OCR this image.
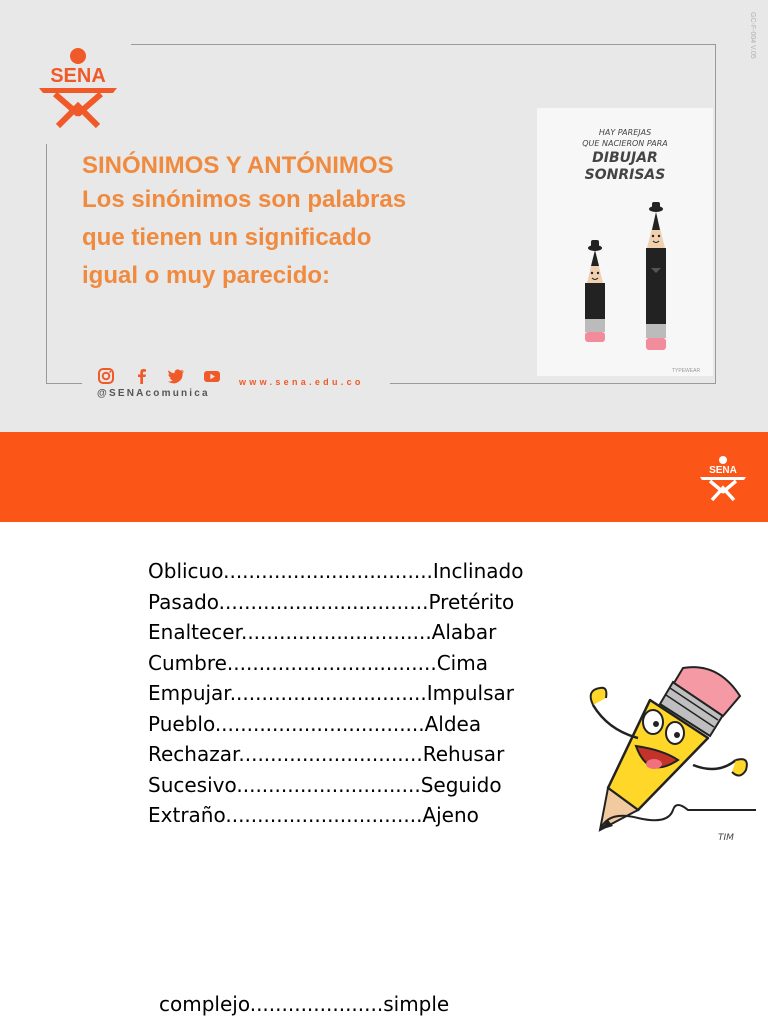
GC-F-004 V.05
SENA
SINÓNIMOS Y ANTÓNIMOS
Los sinónimos son palabras
que tienen un significado
igual o muy parecido:
HAY PAREJAS
QUE NACIERON PARA
DIBUJAR
SONRISAS
TYPEWEAR
@SENAcomunica
www.sena.edu.co
SENA
Oblicuo.................................Inclinado
Pasado.................................Pretérito
Enaltecer..............................Alabar
Cumbre.................................Cima
Empujar...............................Impulsar
Pueblo.................................Aldea
Rechazar.............................Rehusar
Sucesivo.............................Seguido
Extraño...............................Ajeno
TIM
complejo.....................simple
